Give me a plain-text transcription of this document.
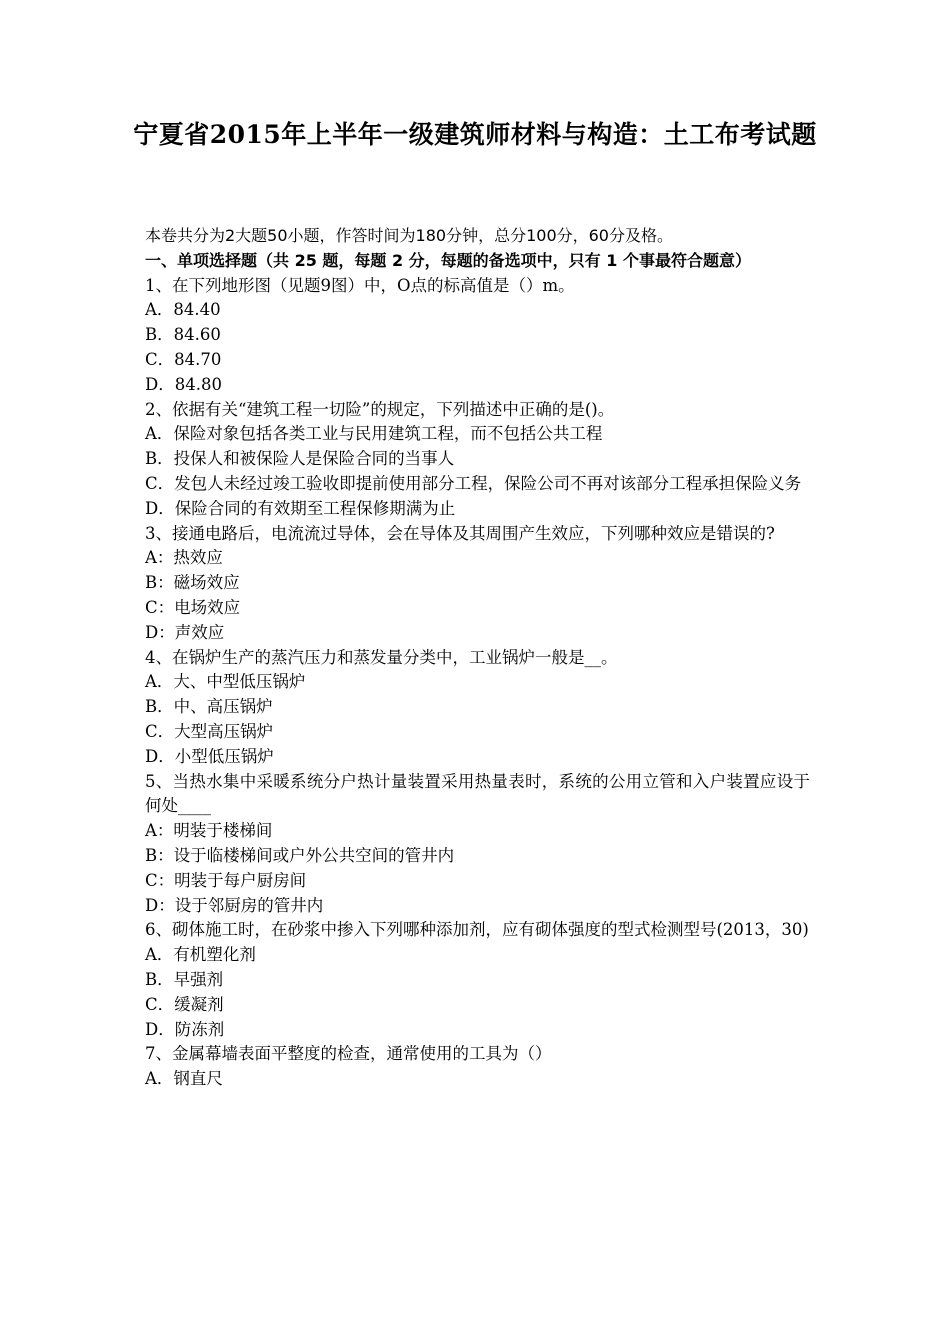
宁夏省2015年上半年一级建筑师材料与构造：土工布考试题

本卷共分为2大题50小题，作答时间为180分钟，总分100分，60分及格。

一、单项选择题（共 25 题，每题 2 分，每题的备选项中，只有 1 个事最符合题意）

1、在下列地形图（见题9图）中，O点的标高值是（）m。

A．84.40

B．84.60

C．84.70

D．84.80

2、依据有关“建筑工程一切险”的规定，下列描述中正确的是()。

A．保险对象包括各类工业与民用建筑工程，而不包括公共工程

B．投保人和被保险人是保险合同的当事人

C．发包人未经过竣工验收即提前使用部分工程，保险公司不再对该部分工程承担保险义务

D．保险合同的有效期至工程保修期满为止

3、接通电路后，电流流过导体，会在导体及其周围产生效应，下列哪种效应是错误的?

A：热效应

B：磁场效应

C：电场效应

D：声效应

4、在锅炉生产的蒸汽压力和蒸发量分类中，工业锅炉一般是__。

A．大、中型低压锅炉

B．中、高压锅炉

C．大型高压锅炉

D．小型低压锅炉

5、当热水集中采暖系统分户热计量装置采用热量表时，系统的公用立管和入户装置应设于何处____

A：明装于楼梯间

B：设于临楼梯间或户外公共空间的管井内

C：明装于每户厨房间

D：设于邻厨房的管井内

6、砌体施工时，在砂浆中掺入下列哪种添加剂，应有砌体强度的型式检测型号(2013，30)

A．有机塑化剂

B．早强剂

C．缓凝剂

D．防冻剂

7、金属幕墙表面平整度的检查，通常使用的工具为（）

A．钢直尺
